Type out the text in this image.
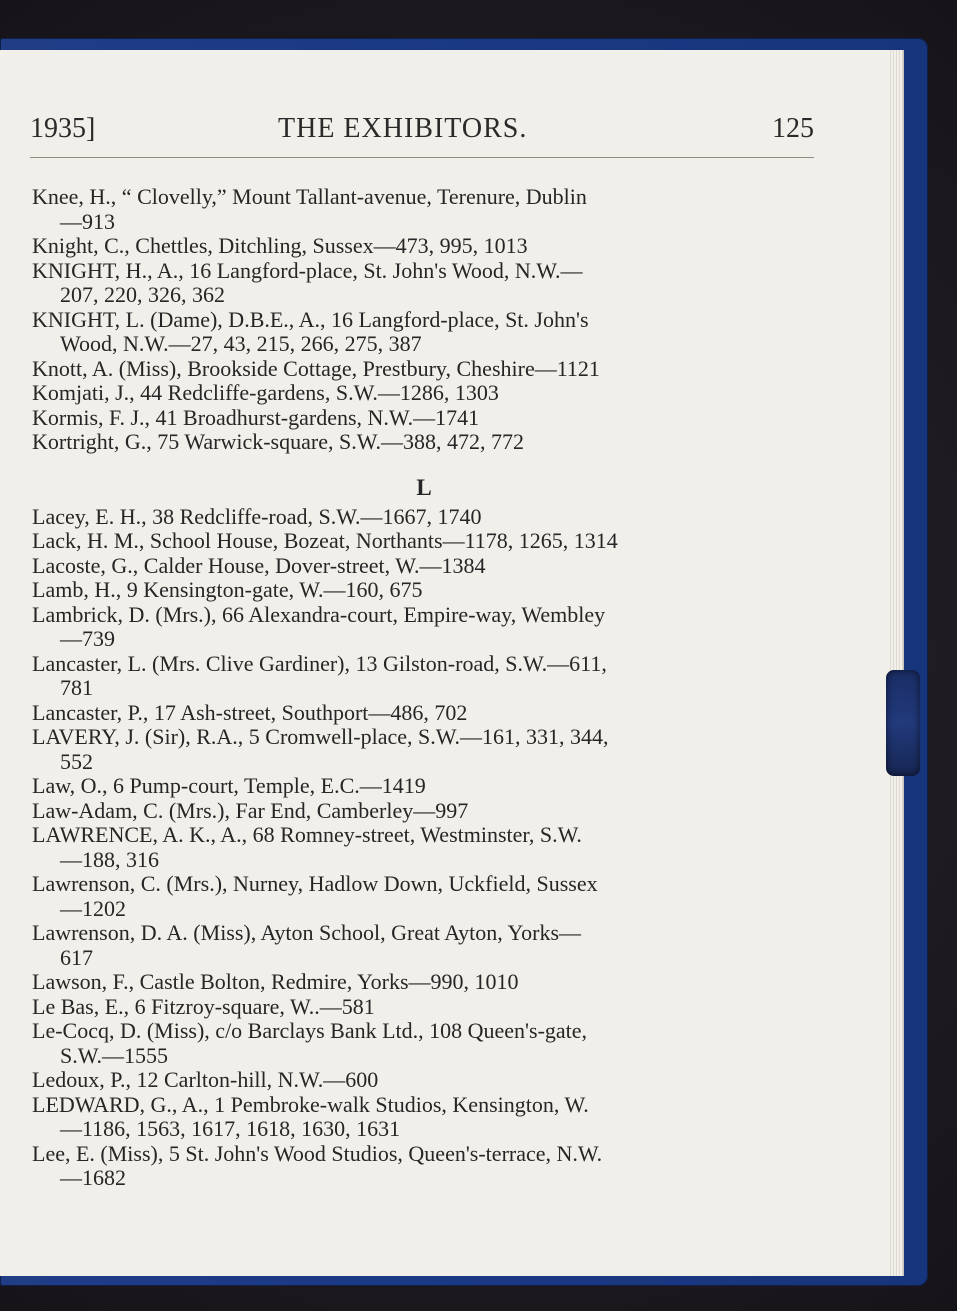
1935]	THE EXHIBITORS.	125
Knee, H., “ Clovelly,” Mount Tallant-avenue, Terenure, Dublin
—913
Knight, C., Chettles, Ditchling, Sussex—473, 995, 1013
KNIGHT, H., A., 16 Langford-place, St. John's Wood, N.W.—
207, 220, 326, 362
KNIGHT, L. (Dame), D.B.E., A., 16 Langford-place, St. John's
Wood, N.W.—27, 43, 215, 266, 275, 387
Knott, A. (Miss), Brookside Cottage, Prestbury, Cheshire—1121
Komjati, J., 44 Redcliffe-gardens, S.W.—1286, 1303
Kormis, F. J., 41 Broadhurst-gardens, N.W.—1741
Kortright, G., 75 Warwick-square, S.W.—388, 472, 772
L
Lacey, E. H., 38 Redcliffe-road, S.W.—1667, 1740
Lack, H. M., School House, Bozeat, Northants—1178, 1265, 1314
Lacoste, G., Calder House, Dover-street, W.—1384
Lamb, H., 9 Kensington-gate, W.—160, 675
Lambrick, D. (Mrs.), 66 Alexandra-court, Empire-way, Wembley
—739
Lancaster, L. (Mrs. Clive Gardiner), 13 Gilston-road, S.W.—611,
781
Lancaster, P., 17 Ash-street, Southport—486, 702
LAVERY, J. (Sir), R.A., 5 Cromwell-place, S.W.—161, 331, 344,
552
Law, O., 6 Pump-court, Temple, E.C.—1419
Law-Adam, C. (Mrs.), Far End, Camberley—997
LAWRENCE, A. K., A., 68 Romney-street, Westminster, S.W.
—188, 316
Lawrenson, C. (Mrs.), Nurney, Hadlow Down, Uckfield, Sussex
—1202
Lawrenson, D. A. (Miss), Ayton School, Great Ayton, Yorks—
617
Lawson, F., Castle Bolton, Redmire, Yorks—990, 1010
Le Bas, E., 6 Fitzroy-square, W..—581
Le-Cocq, D. (Miss), c/o Barclays Bank Ltd., 108 Queen's-gate,
S.W.—1555
Ledoux, P., 12 Carlton-hill, N.W.—600
LEDWARD, G., A., 1 Pembroke-walk Studios, Kensington, W.
—1186, 1563, 1617, 1618, 1630, 1631
Lee, E. (Miss), 5 St. John's Wood Studios, Queen's-terrace, N.W.
—1682
